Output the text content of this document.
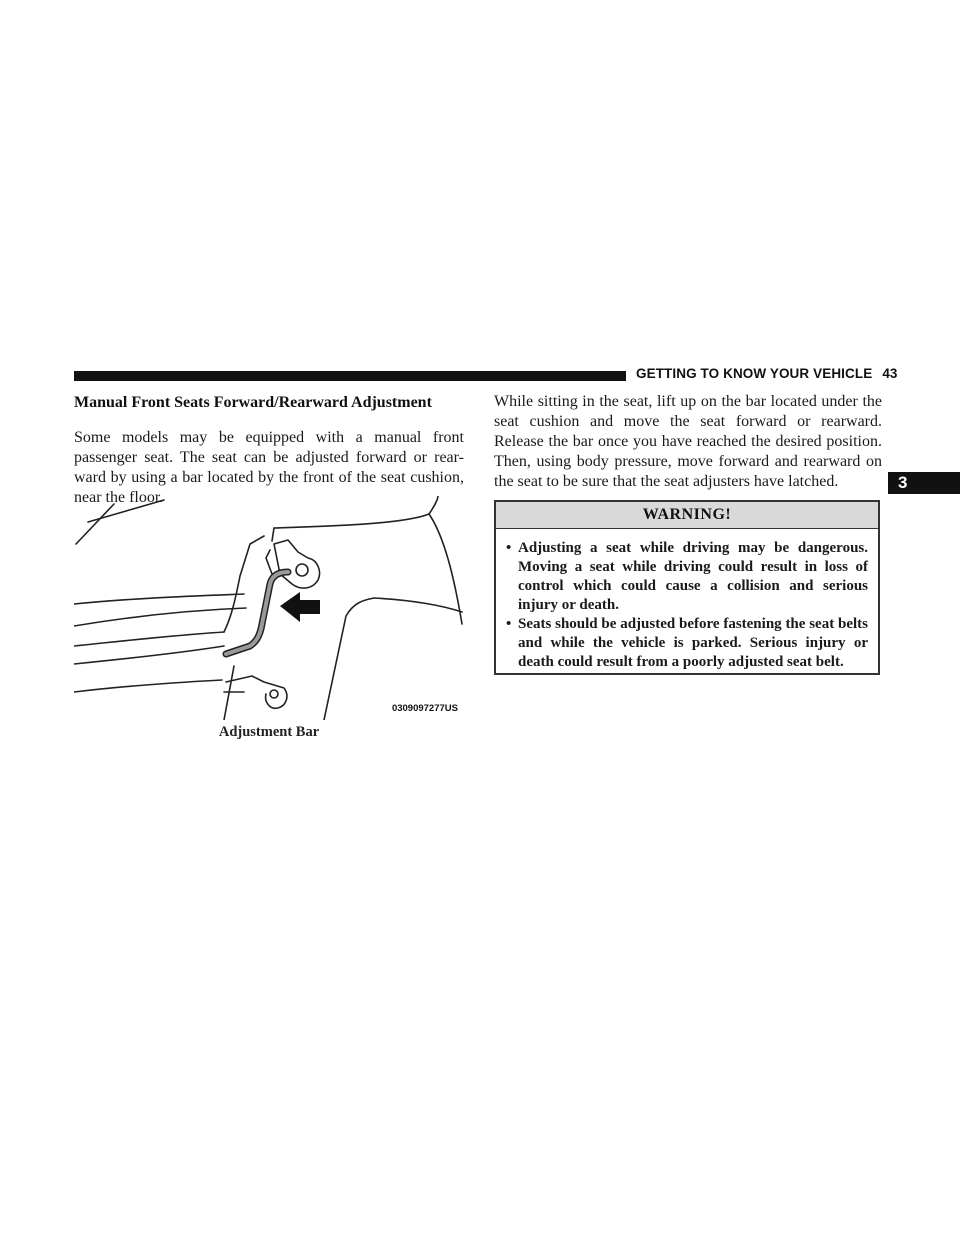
GETTING TO KNOW YOUR VEHICLE 43
3
Manual Front Seats Forward/Rearward Adjustment

Some models may be equipped with a manual front passenger seat. The seat can be adjusted forward or rear- ward by using a bar located by the front of the seat cushion, near the floor.

0309097277US
Adjustment Bar

While sitting in the seat, lift up on the bar located under the seat cushion and move the seat forward or rearward. Release the bar once you have reached the desired position. Then, using body pressure, move forward and rearward on the seat to be sure that the seat adjusters have latched.

WARNING!
• Adjusting a seat while driving may be dangerous. Moving a seat while driving could result in loss of control which could cause a collision and serious injury or death.
• Seats should be adjusted before fastening the seat belts and while the vehicle is parked. Serious injury or death could result from a poorly adjusted seat belt.
